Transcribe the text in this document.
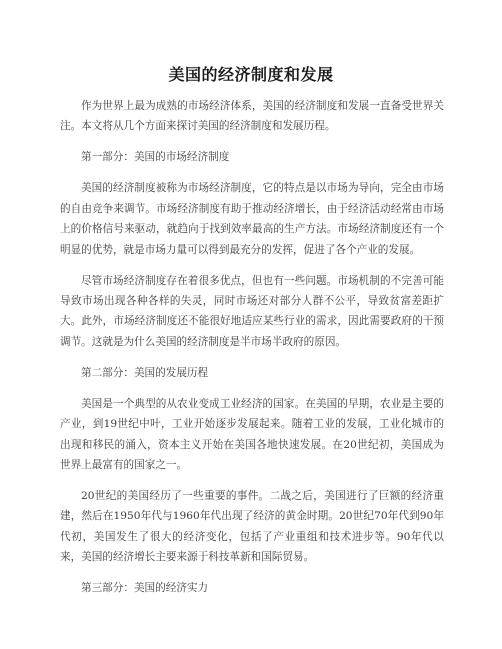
美国的经济制度和发展

作为世界上最为成熟的市场经济体系，美国的经济制度和发展一直备受世界关注。本文将从几个方面来探讨美国的经济制度和发展历程。

第一部分：美国的市场经济制度

美国的经济制度被称为市场经济制度，它的特点是以市场为导向，完全由市场的自由竞争来调节。市场经济制度有助于推动经济增长，由于经济活动经常由市场上的价格信号来驱动，就趋向于找到效率最高的生产方法。市场经济制度还有一个明显的优势，就是市场力量可以得到最充分的发挥，促进了各个产业的发展。

尽管市场经济制度存在着很多优点，但也有一些问题。市场机制的不完善可能导致市场出现各种各样的失灵，同时市场还对部分人群不公平，导致贫富差距扩大。此外，市场经济制度还不能很好地适应某些行业的需求，因此需要政府的干预调节。这就是为什么美国的经济制度是半市场半政府的原因。

第二部分：美国的发展历程

美国是一个典型的从农业变成工业经济的国家。在美国的早期，农业是主要的产业，到19世纪中叶，工业开始逐步发展起来。随着工业的发展，工业化城市的出现和移民的涌入，资本主义开始在美国各地快速发展。在20世纪初，美国成为世界上最富有的国家之一。

20世纪的美国经历了一些重要的事件。二战之后，美国进行了巨额的经济重建，然后在1950年代与1960年代出现了经济的黄金时期。20世纪70年代到90年代初，美国发生了很大的经济变化，包括了产业重组和技术进步等。90年代以来，美国的经济增长主要来源于科技革新和国际贸易。

第三部分：美国的经济实力
